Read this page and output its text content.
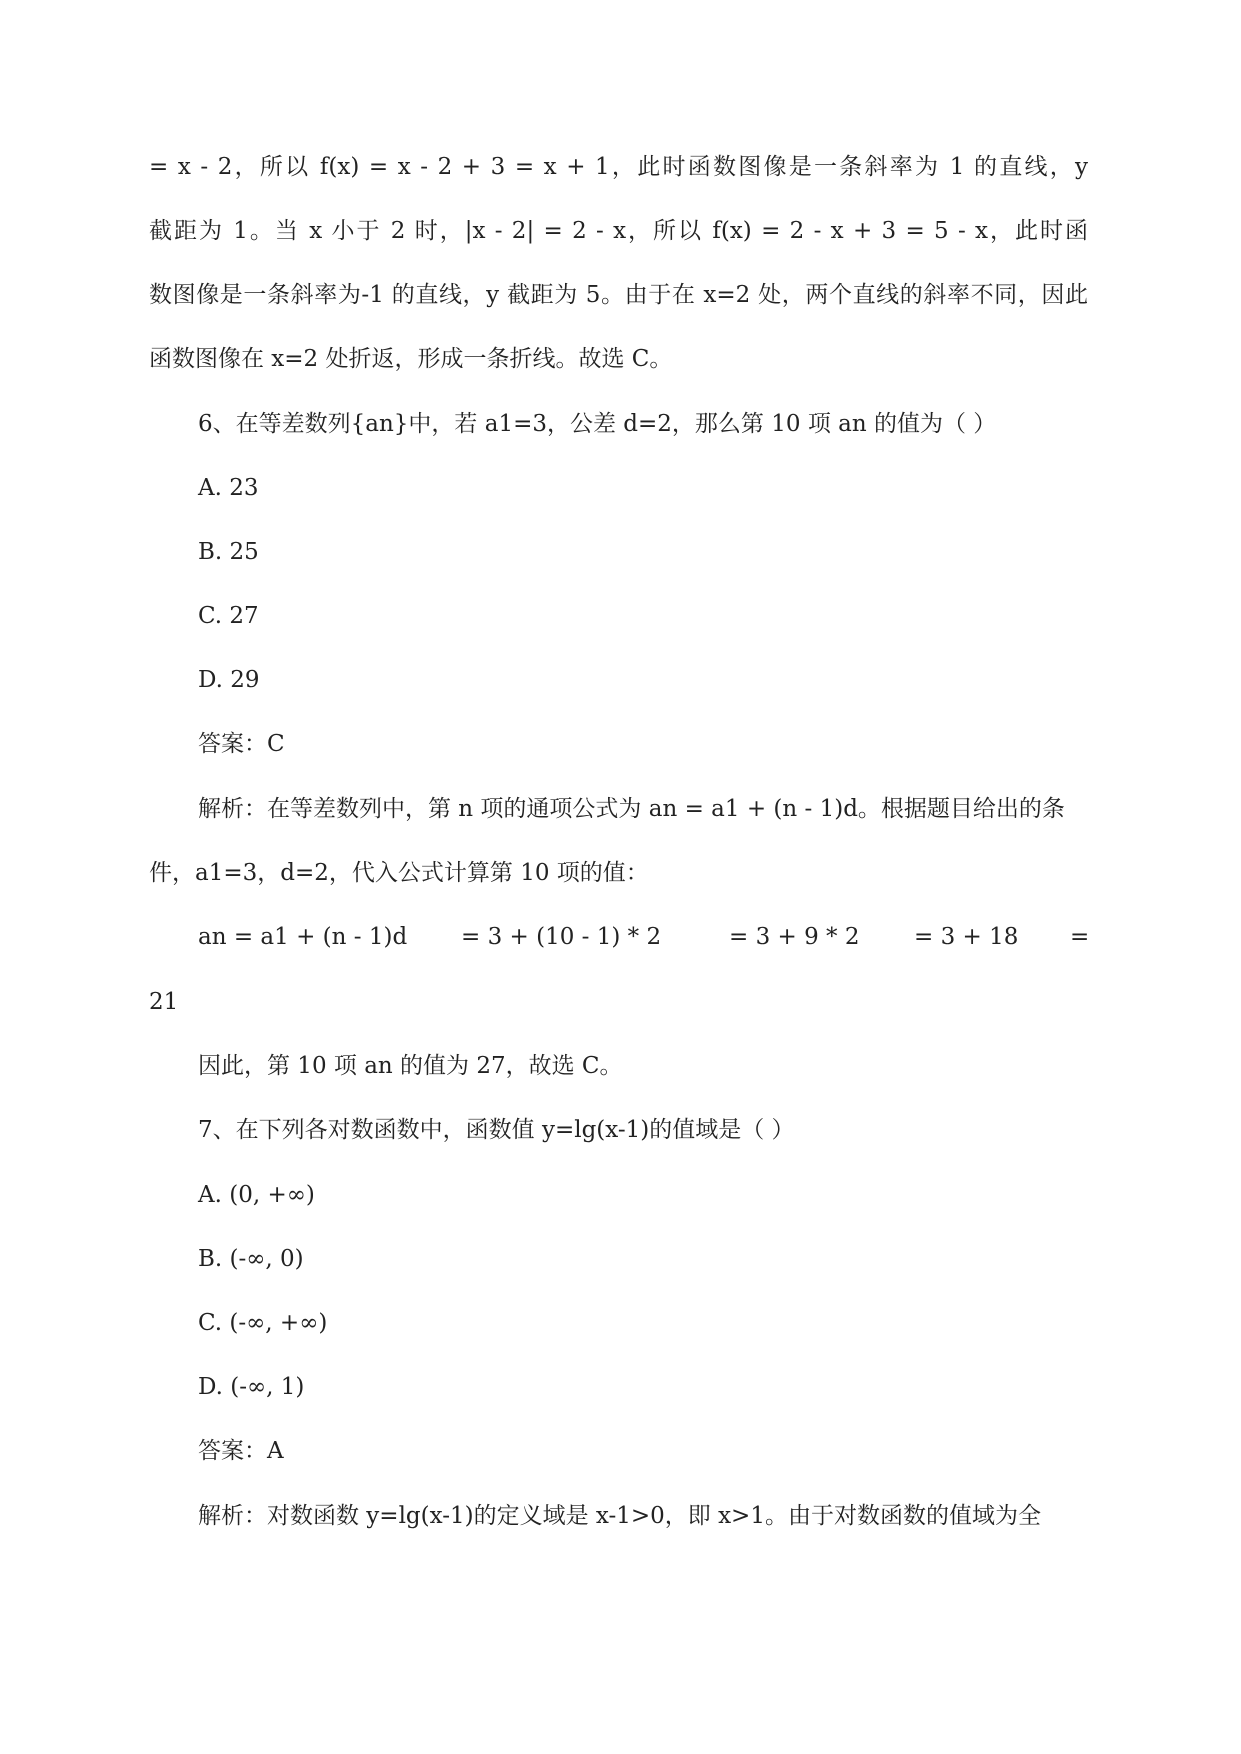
= x - 2，所以 f(x) = x - 2 + 3 = x + 1，此时函数图像是一条斜率为 1 的直线，y
截距为 1。当 x 小于 2 时，|x - 2| = 2 - x，所以 f(x) = 2 - x + 3 = 5 - x，此时函
数图像是一条斜率为-1 的直线，y 截距为 5。由于在 x=2 处，两个直线的斜率不同，因此
函数图像在 x=2 处折返，形成一条折线。故选 C。
6、在等差数列{an}中，若 a1=3，公差 d=2，那么第 10 项 an 的值为（ ）
A. 23
B. 25
C. 27
D. 29
答案：C
解析：在等差数列中，第 n 项的通项公式为 an = a1 + (n - 1)d。根据题目给出的条
件，a1=3，d=2，代入公式计算第 10 项的值：

an = a1 + (n - 1)d

= 3 + (10 - 1) * 2

	= 3 + 9 * 2

= 3 + 18

=

21
因此，第 10 项 an 的值为 27，故选 C。
7、在下列各对数函数中，函数值 y=lg(x-1)的值域是（ ）
A. (0, +∞)
B. (-∞, 0)
C. (-∞, +∞)
D. (-∞, 1)
答案：A
解析：对数函数 y=lg(x-1)的定义域是 x-1>0，即 x>1。由于对数函数的值域为全
